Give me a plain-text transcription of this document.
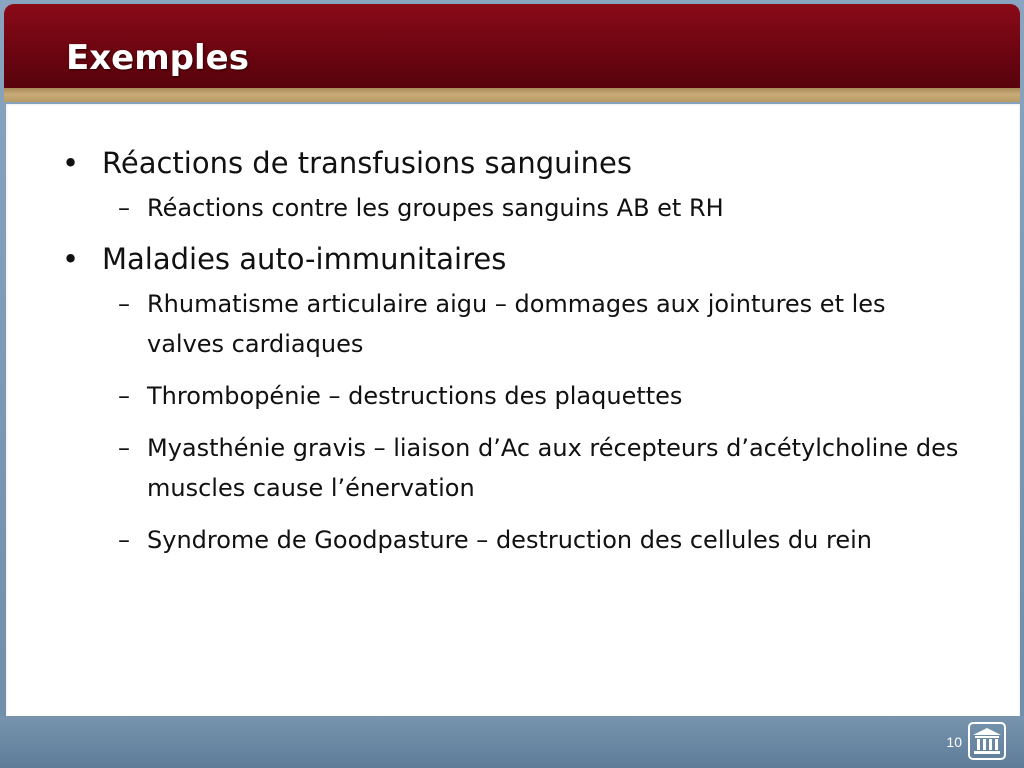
Exemples
• Réactions de transfusions sanguines
– Réactions contre les groupes sanguins AB et RH
• Maladies auto-immunitaires
– Rhumatisme articulaire aigu – dommages aux jointures et les valves cardiaques
– Thrombopénie – destructions des plaquettes
– Myasthénie gravis – liaison d’Ac aux récepteurs d’acétylcholine des muscles cause l’énervation
– Syndrome de Goodpasture – destruction des cellules du rein
10
